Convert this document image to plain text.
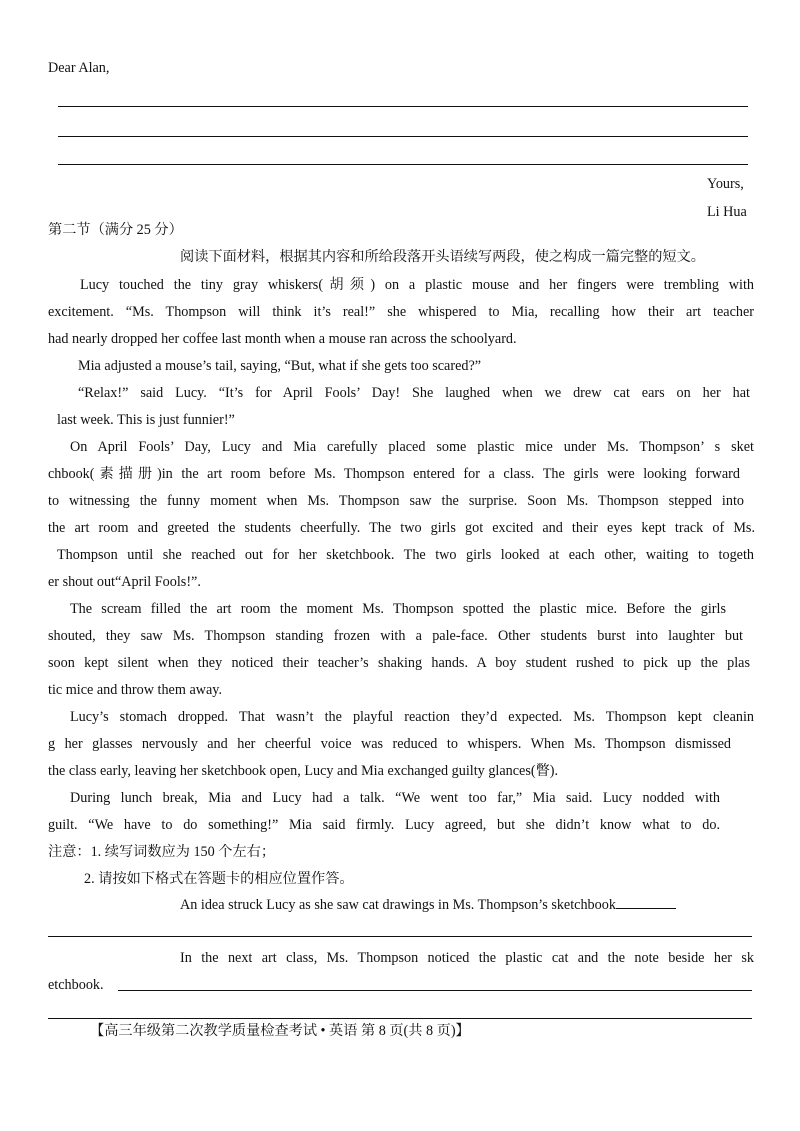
Dear Alan,
Yours,
Li Hua
第二节（满分 25 分）
阅读下面材料，根据其内容和所给段落开头语续写两段，使之构成一篇完整的短文。
Lucy touched the tiny gray whiskers(胡须) on a plastic mouse and her fingers were trembling with
excitement. “Ms. Thompson will think it’s real!” she whispered to Mia, recalling how their art teacher
had nearly dropped her coffee last month when a mouse ran across the schoolyard.
Mia adjusted a mouse’s tail, saying, “But, what if she gets too scared?”
“Relax!” said Lucy. “It’s for April Fools’ Day! She laughed when we drew cat ears on her hat
last week. This is just funnier!”
On April Fools’ Day, Lucy and Mia carefully placed some plastic mice under Ms. Thompson’ s sket
chbook(素描册)in the art room before Ms. Thompson entered for a class. The girls were looking forward
to witnessing the funny moment when Ms. Thompson saw the surprise. Soon Ms. Thompson stepped into
the art room and greeted the students cheerfully. The two girls got excited and their eyes kept track of Ms.
Thompson until she reached out for her sketchbook. The two girls looked at each other, waiting to togeth
er shout out“April Fools!”.
The scream filled the art room the moment Ms. Thompson spotted the plastic mice. Before the girls
shouted, they saw Ms. Thompson standing frozen with a pale-face. Other students burst into laughter but
soon kept silent when they noticed their teacher’s shaking hands. A boy student rushed to pick up the plas
tic mice and throw them away.
Lucy’s stomach dropped. That wasn’t the playful reaction they’d expected. Ms. Thompson kept cleanin
g her glasses nervously and her cheerful voice was reduced to whispers. When Ms. Thompson dismissed
the class early, leaving her sketchbook open, Lucy and Mia exchanged guilty glances(瞥).
During lunch break, Mia and Lucy had a talk. “We went too far,” Mia said. Lucy nodded with
guilt. “We have to do something!” Mia said firmly. Lucy agreed, but she didn’t know what to do.
注意：1. 续写词数应为 150 个左右；
2. 请按如下格式在答题卡的相应位置作答。
An idea struck Lucy as she saw cat drawings in Ms. Thompson’s sketchbook
In the next art class, Ms. Thompson noticed the plastic cat and the note beside her sk
etchbook.
【高三年级第二次教学质量检查考试 • 英语 第 8 页(共 8 页)】
